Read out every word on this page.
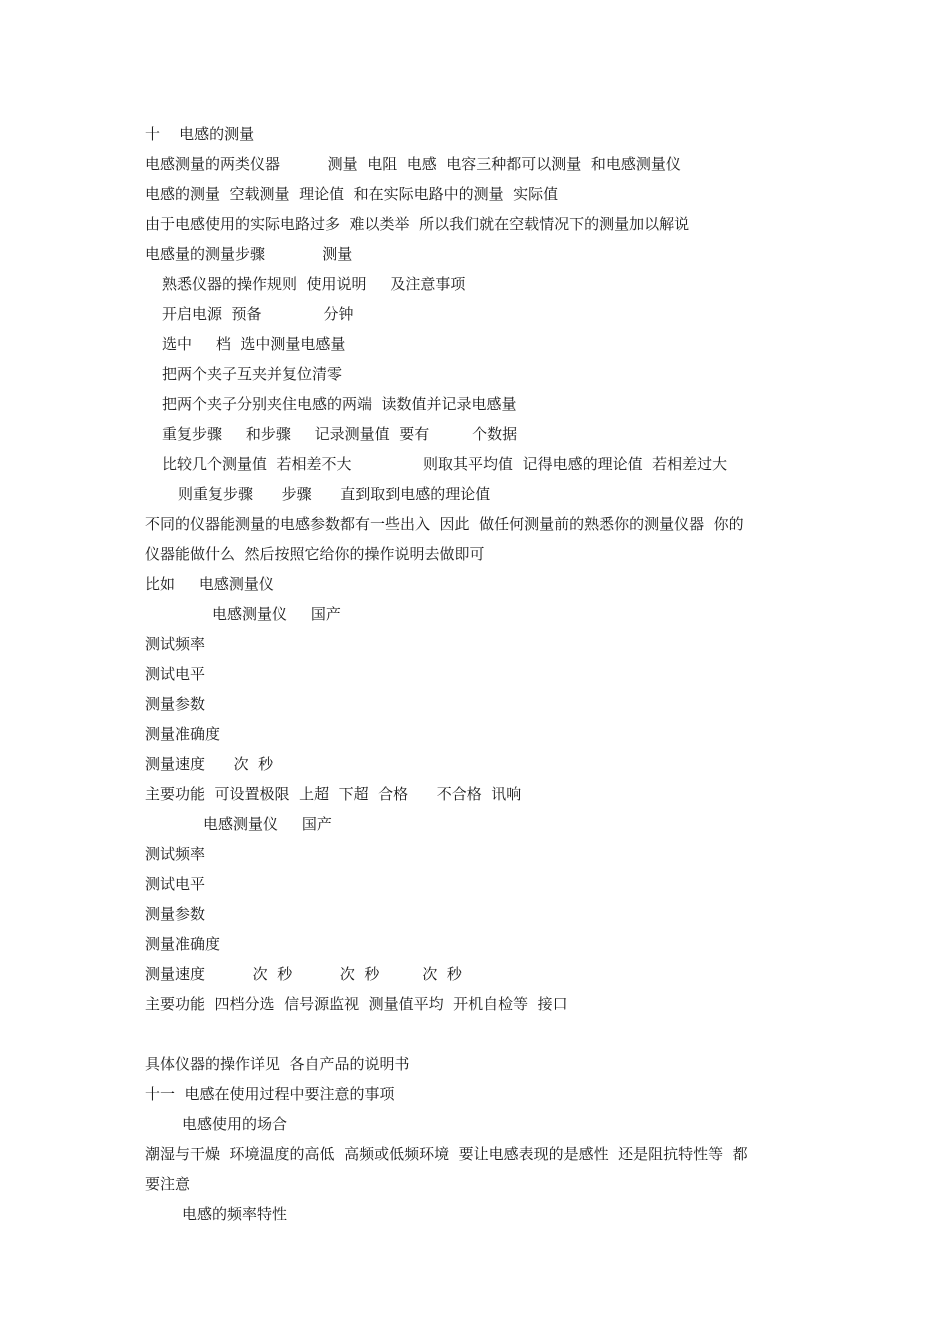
十    电感的测量
电感测量的两类仪器          测量  电阻  电感  电容三种都可以测量  和电感测量仪
电感的测量  空载测量  理论值  和在实际电路中的测量  实际值
由于电感使用的实际电路过多  难以类举  所以我们就在空载情况下的测量加以解说
电感量的测量步骤            测量
熟悉仪器的操作规则  使用说明     及注意事项
开启电源  预备             分钟
选中     档  选中测量电感量
把两个夹子互夹并复位清零
把两个夹子分别夹住电感的两端  读数值并记录电感量
重复步骤     和步骤     记录测量值  要有         个数据
比较几个测量值  若相差不大               则取其平均值  记得电感的理论值  若相差过大
则重复步骤      步骤      直到取到电感的理论值
不同的仪器能测量的电感参数都有一些出入  因此  做任何测量前的熟悉你的测量仪器  你的
仪器能做什么  然后按照它给你的操作说明去做即可
比如     电感测量仪
电感测量仪     国产
测试频率
测试电平
测量参数
测量准确度
测量速度      次  秒
主要功能  可设置极限  上超  下超  合格      不合格  讯响
电感测量仪     国产
测试频率
测试电平
测量参数
测量准确度
测量速度          次  秒          次  秒         次  秒
主要功能  四档分选  信号源监视  测量值平均  开机自检等  接口
具体仪器的操作详见  各自产品的说明书
十一  电感在使用过程中要注意的事项
电感使用的场合
潮湿与干燥  环境温度的高低  高频或低频环境  要让电感表现的是感性  还是阻抗特性等  都
要注意
电感的频率特性
